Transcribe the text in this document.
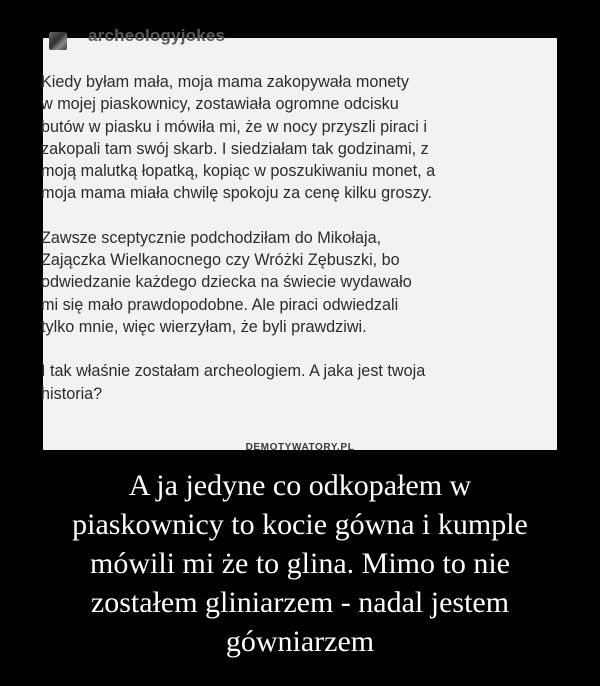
archeologyjokes

Kiedy byłam mała, moja mama zakopywała monety
w mojej piaskownicy, zostawiała ogromne odcisku
butów w piasku i mówiła mi, że w nocy przyszli piraci i
zakopali tam swój skarb. I siedziałam tak godzinami, z
moją malutką łopatką, kopiąc w poszukiwaniu monet, a
moja mama miała chwilę spokoju za cenę kilku groszy.

Zawsze sceptycznie podchodziłam do Mikołaja,
Zajączka Wielkanocnego czy Wróżki Zębuszki, bo
odwiedzanie każdego dziecka na świecie wydawało
mi się mało prawdopodobne. Ale piraci odwiedzali
tylko mnie, więc wierzyłam, że byli prawdziwi.

I tak właśnie zostałam archeologiem. A jaka jest twoja
historia?

DEMOTYWATORY.PL
A ja jedyne co odkopałem w
piaskownicy to kocie gówna i kumple
mówili mi że to glina. Mimo to nie
zostałem gliniarzem - nadal jestem
gówniarzem
